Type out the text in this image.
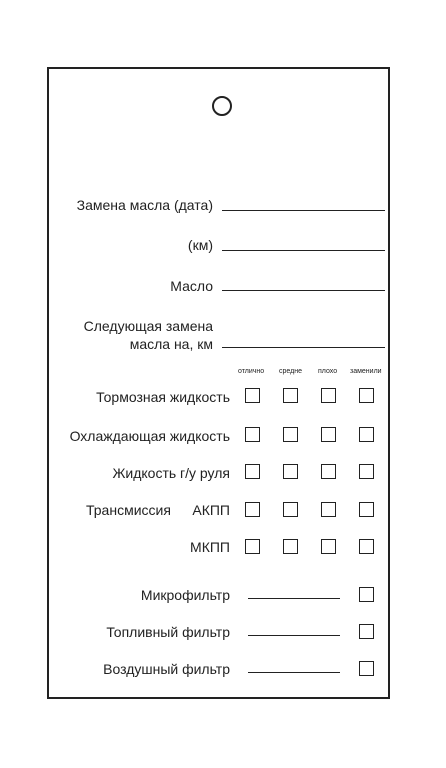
Замена масла (дата)
(км)
Масло
Следующая замена
масла на, км
отлично средне плохо заменили
Тормозная жидкость
Охлаждающая жидкость
Жидкость г/у руля
Трансмиссия АКПП
МКПП
Микрофильтр
Топливный фильтр
Воздушный фильтр
